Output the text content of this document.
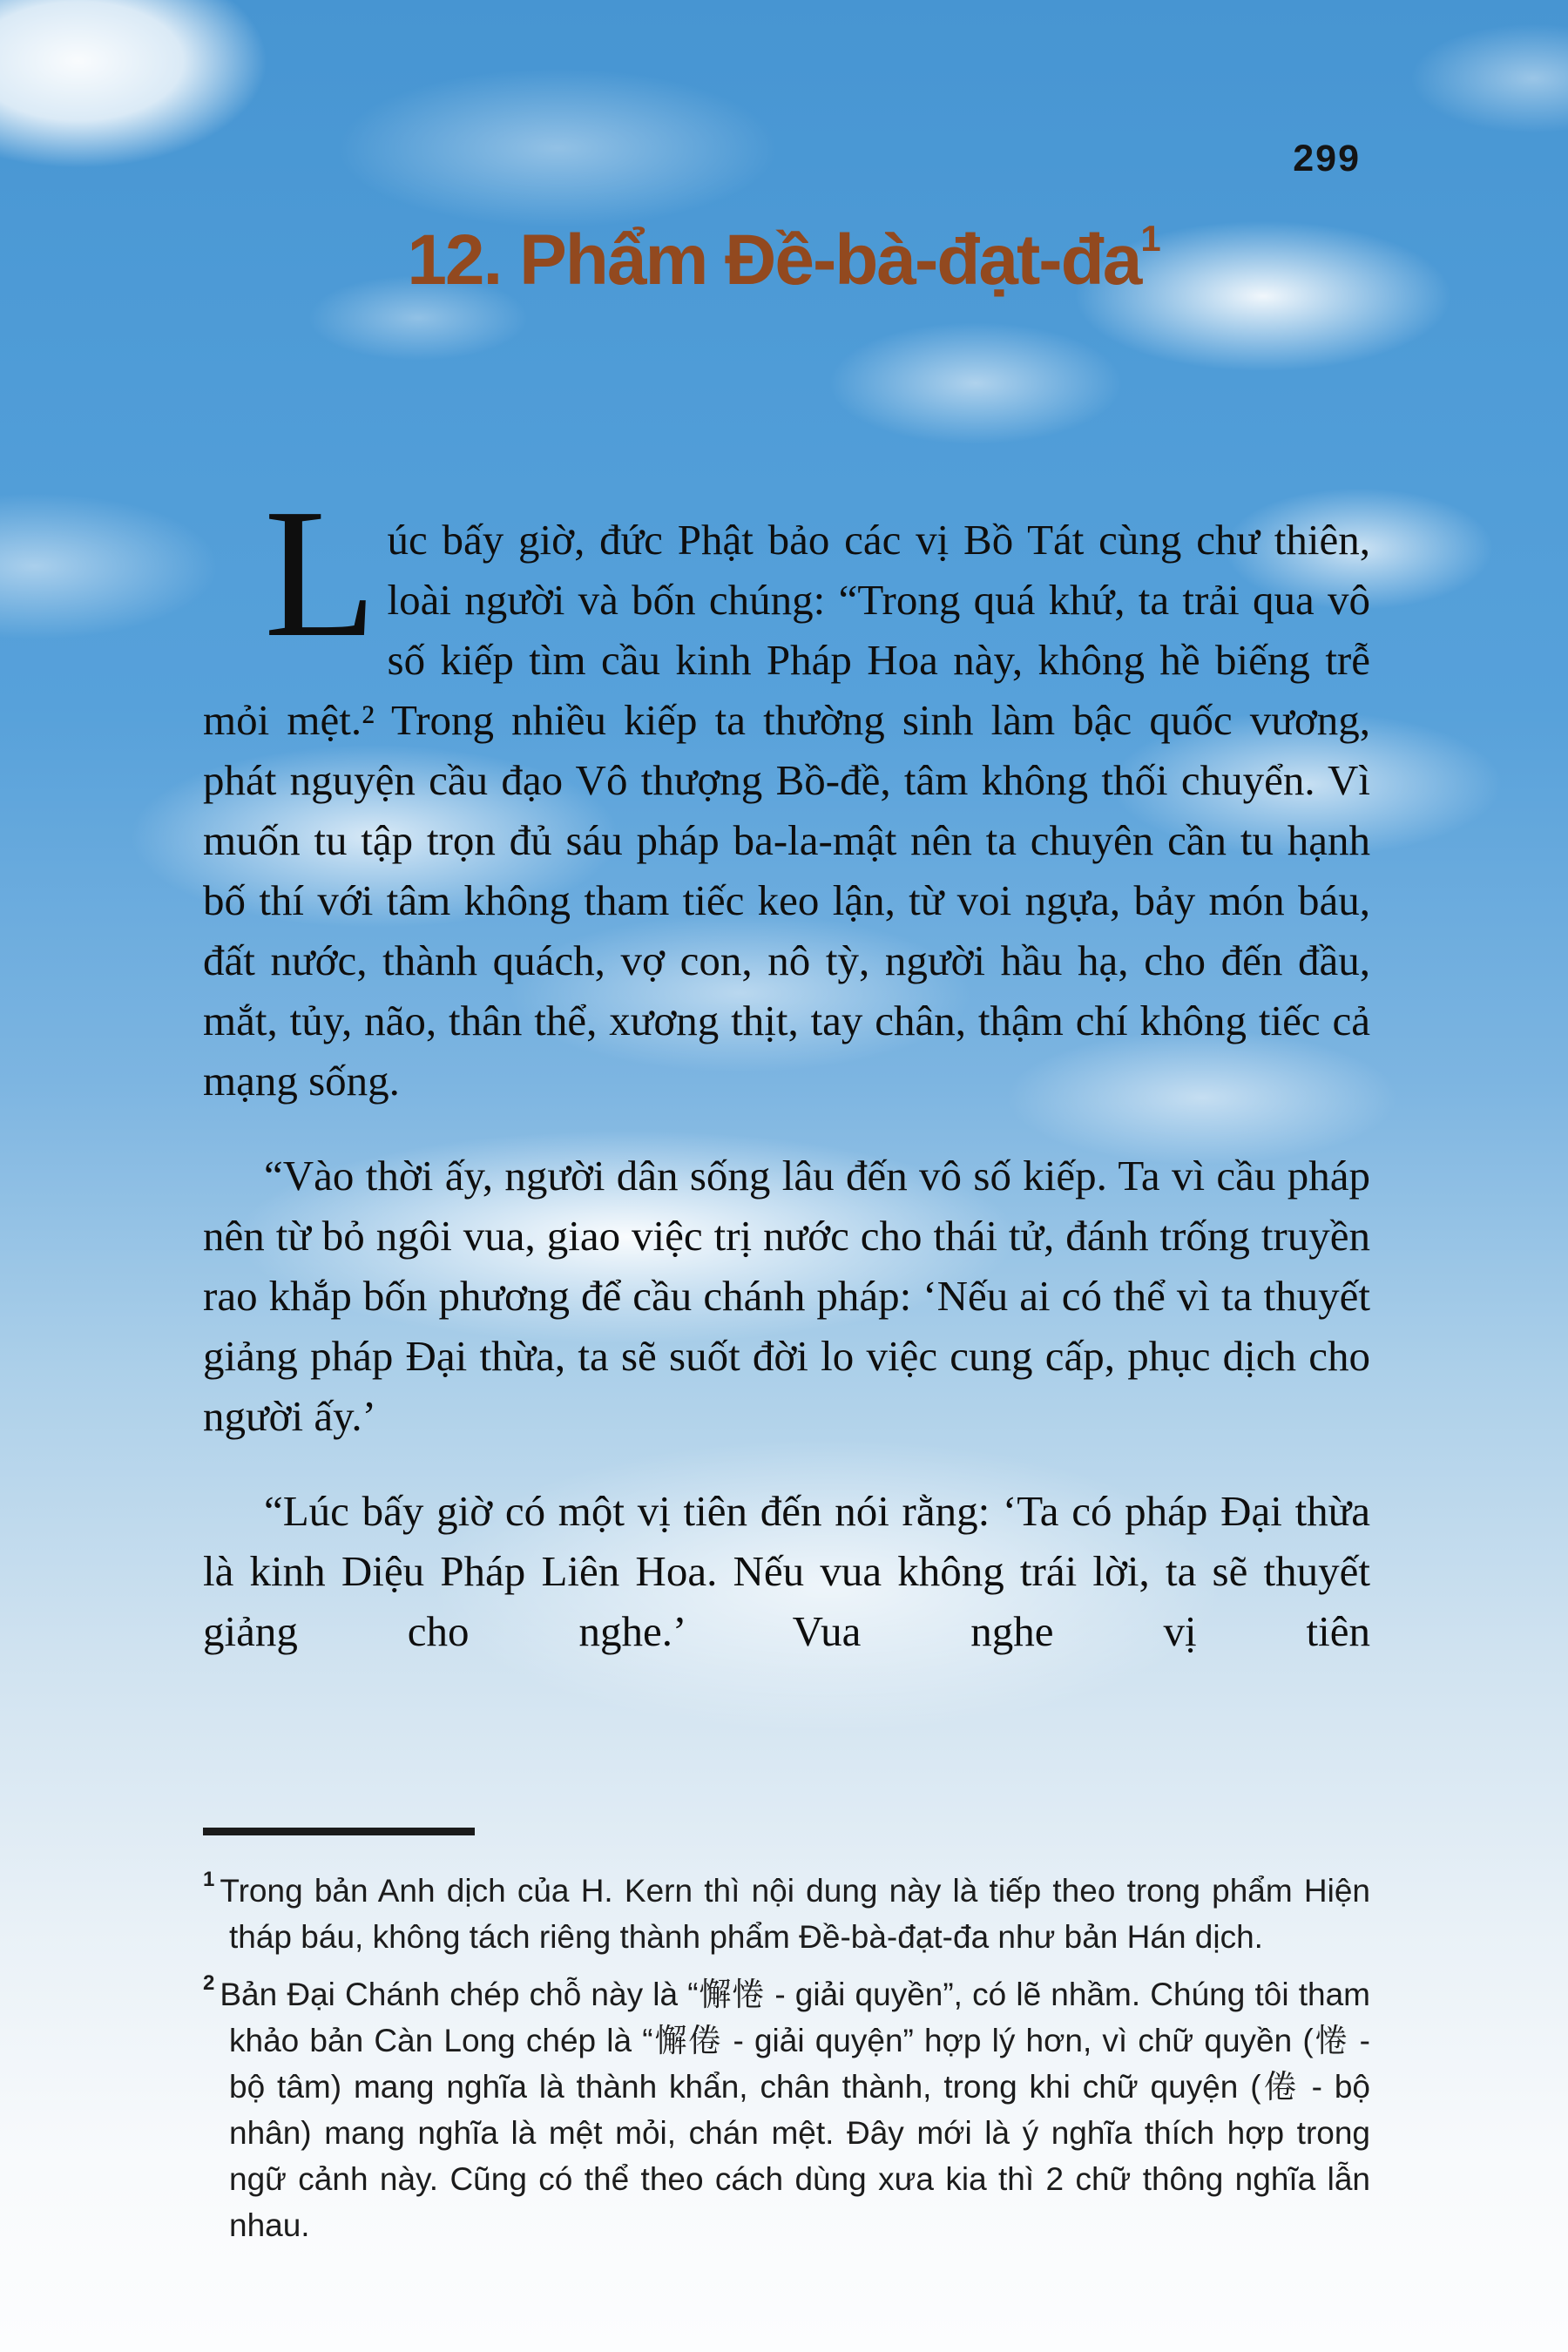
299
12. Phẩm $Đề-bà-đạt-đa^1$

Lúc bấy giờ, đức Phật bảo các vị Bồ Tát cùng chư thiên, loài người và bốn chúng: “Trong quá khứ, ta trải qua vô số kiếp tìm cầu kinh Pháp Hoa này, không hề biếng trễ mỏi mệt.² Trong nhiều kiếp ta thường sinh làm bậc quốc vương, phát nguyện cầu đạo Vô thượng Bồ-đề, tâm không thối chuyển. Vì muốn tu tập trọn đủ sáu pháp ba-la-mật nên ta chuyên cần tu hạnh bố thí với tâm không tham tiếc keo lận, từ voi ngựa, bảy món báu, đất nước, thành quách, vợ con, nô tỳ, người hầu hạ, cho đến đầu, mắt, tủy, não, thân thể, xương thịt, tay chân, thậm chí không tiếc cả mạng sống.

“Vào thời ấy, người dân sống lâu đến vô số kiếp. Ta vì cầu pháp nên từ bỏ ngôi vua, giao việc trị nước cho thái tử, đánh trống truyền rao khắp bốn phương để cầu chánh pháp: ‘Nếu ai có thể vì ta thuyết giảng pháp Đại thừa, ta sẽ suốt đời lo việc cung cấp, phục dịch cho người ấy.’

“Lúc bấy giờ có một vị tiên đến nói rằng: ‘Ta có pháp Đại thừa là kinh Diệu Pháp Liên Hoa. Nếu vua không trái lời, ta sẽ thuyết giảng cho nghe.’ Vua nghe vị tiên

$^1$ Trong bản Anh dịch của H. Kern thì nội dung này là tiếp theo trong phẩm Hiện tháp báu, không tách riêng thành phẩm Đề-bà-đạt-đa như bản Hán dịch.

$^2$ Bản Đại Chánh chép chỗ này là “懈惓 - giải quyền”, có lẽ nhầm. Chúng tôi tham khảo bản Càn Long chép là “懈倦 - giải quyện” hợp lý hơn, vì chữ quyền (惓 - bộ tâm) mang nghĩa là thành khẩn, chân thành, trong khi chữ quyện (倦 - bộ nhân) mang nghĩa là mệt mỏi, chán mệt. Đây mới là ý nghĩa thích hợp trong ngữ cảnh này. Cũng có thể theo cách dùng xưa kia thì 2 chữ thông nghĩa lẫn nhau.
